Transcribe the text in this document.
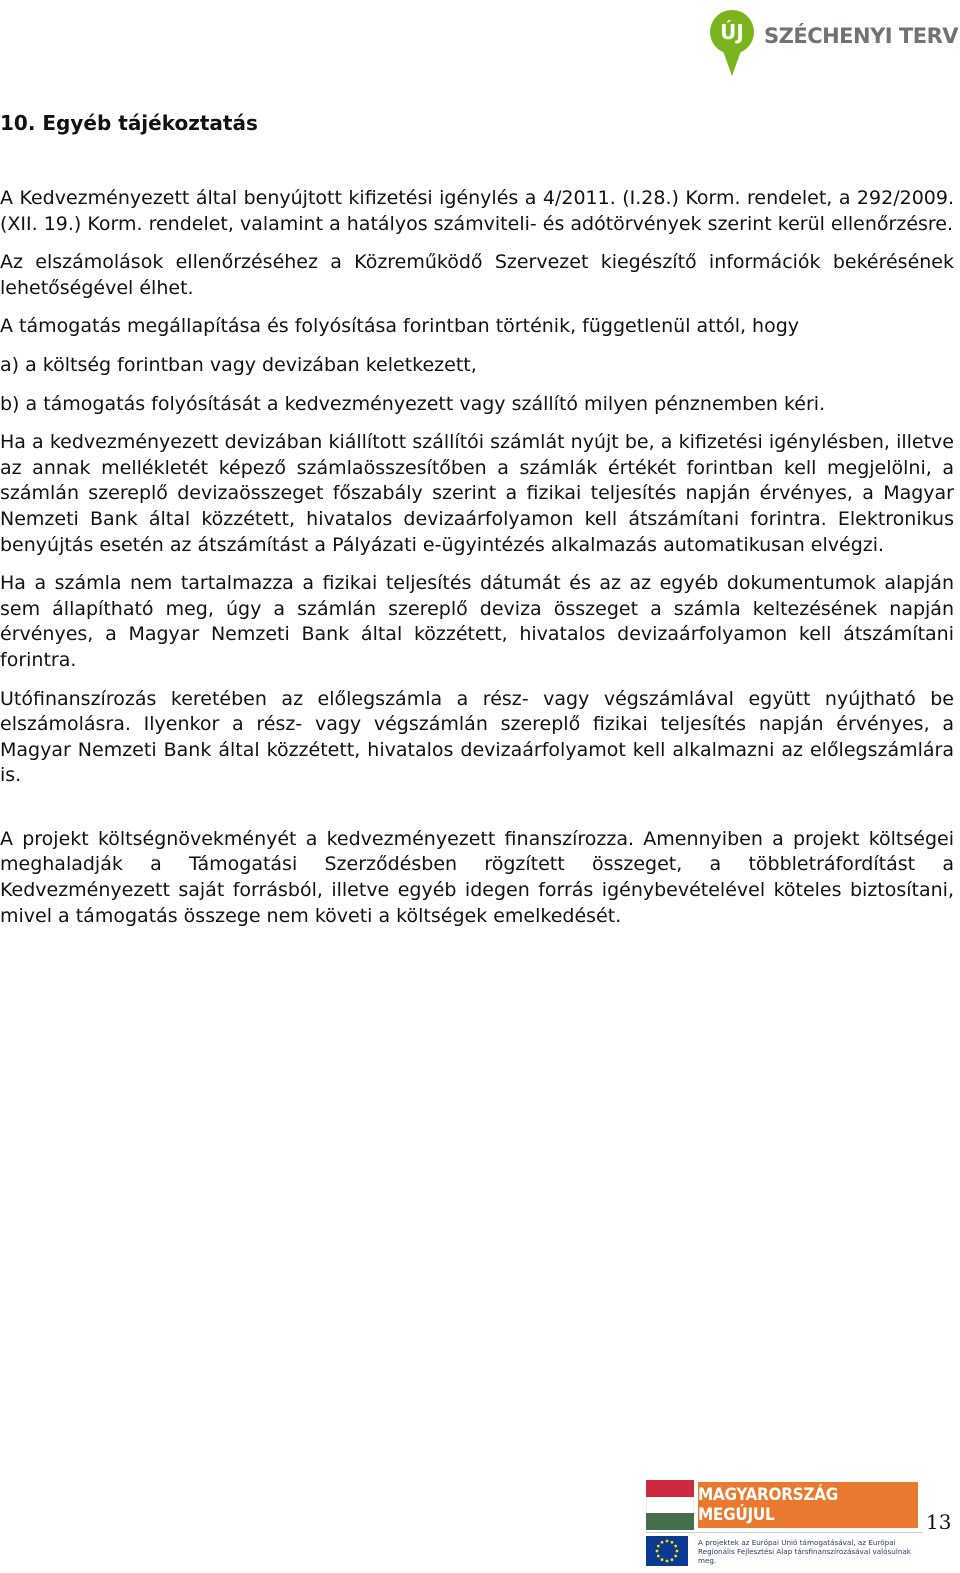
ÚJ SZÉCHENYI TERV
10. Egyéb tájékoztatás

A Kedvezményezett által benyújtott kifizetési igénylés a 4/2011. (I.28.) Korm. rendelet, a 292/2009. (XII. 19.) Korm. rendelet, valamint a hatályos számviteli- és adótörvények szerint kerül ellenőrzésre.

Az elszámolások ellenőrzéséhez a Közreműködő Szervezet kiegészítő információk bekérésének lehetőségével élhet.

A támogatás megállapítása és folyósítása forintban történik, függetlenül attól, hogy

a) a költség forintban vagy devizában keletkezett,

b) a támogatás folyósítását a kedvezményezett vagy szállító milyen pénznemben kéri.

Ha a kedvezményezett devizában kiállított szállítói számlát nyújt be, a kifizetési igénylésben, illetve az annak mellékletét képező számlaösszesítőben a számlák értékét forintban kell megjelölni, a számlán szereplő devizaösszeget főszabály szerint a fizikai teljesítés napján érvényes, a Magyar Nemzeti Bank által közzétett, hivatalos devizaárfolyamon kell átszámítani forintra. Elektronikus benyújtás esetén az átszámítást a Pályázati e-ügyintézés alkalmazás automatikusan elvégzi.

Ha a számla nem tartalmazza a fizikai teljesítés dátumát és az az egyéb dokumentumok alapján sem állapítható meg, úgy a számlán szereplő deviza összeget a számla keltezésének napján érvényes, a Magyar Nemzeti Bank által közzétett, hivatalos devizaárfolyamon kell átszámítani forintra.

Utófinanszírozás keretében az előlegszámla a rész- vagy végszámlával együtt nyújtható be elszámolásra. Ilyenkor a rész- vagy végszámlán szereplő fizikai teljesítés napján érvényes, a Magyar Nemzeti Bank által közzétett, hivatalos devizaárfolyamot kell alkalmazni az előlegszámlára is.

A projekt költségnövekményét a kedvezményezett finanszírozza. Amennyiben a projekt költségei meghaladják a Támogatási Szerződésben rögzített összeget, a többletráfordítást a Kedvezményezett saját forrásból, illetve egyéb idegen forrás igénybevételével köteles biztosítani, mivel a támogatás összege nem követi a költségek emelkedését.

MAGYARORSZÁG MEGÚJUL
A projektek az Európai Unió támogatásával, az Európai Regionális Fejlesztési Alap társfinanszírozásával valósulnak meg.
13
